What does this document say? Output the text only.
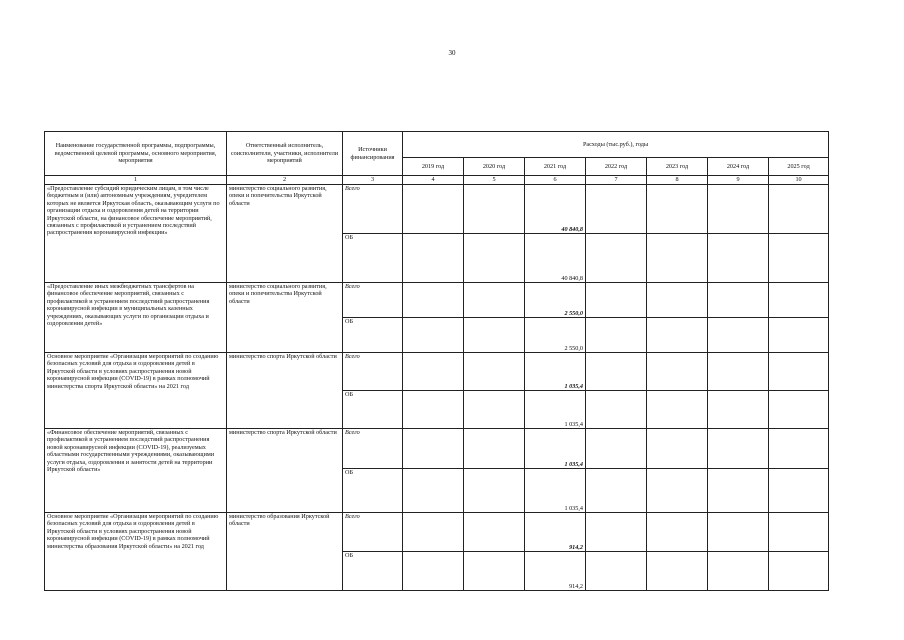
30
Наименование государственной программы, подпрограммы, ведомственной целевой программы, основного мероприятия, мероприятия	Ответственный исполнитель, соисполнители, участники, исполнители мероприятий	Источники финансирования	Расходы (тыс.руб.), годы						
			2019 год	2020 год	2021 год	2022 год	2023 год	2024 год	2025 год
1	2	3	4	5	6	7	8	9	10
«Предоставление субсидий юридическим лицам, в том числе бюджетным и (или) автономным учреждениям, учредителем которых не является Иркутская область, оказывающим услуги по организации отдыха и оздоровления детей на территории Иркутской области, на финансовое обеспечение мероприятий, связанных с профилактикой и устранением последствий распространения коронавирусной инфекции»	министерство социального развития, опеки и попечительства Иркутской области	Всего			40 840,8				
		ОБ			40 840,8				
«Предоставление иных межбюджетных трансфертов на финансовое обеспечение мероприятий, связанных с профилактикой и устранением последствий распространения коронавирусной инфекции в муниципальных казенных учреждениях, оказывающих услуги по организации отдыха и оздоровления детей»	министерство социального развития, опеки и попечительства Иркутской области	Всего			2 550,0				
		ОБ			2 550,0				
Основное мероприятие «Организация мероприятий по созданию безопасных условий для отдыха и оздоровления детей в Иркутской области в условиях распространения новой коронавирусной инфекции (COVID-19) в рамках полномочий министерства спорта Иркутской области» на 2021 год	министерство спорта Иркутской области	Всего			1 035,4				
		ОБ			1 035,4				
«Финансовое обеспечение мероприятий, связанных с профилактикой и устранением последствий распространения новой коронавирусной инфекции (COVID-19), реализуемых областными государственными учреждениями, оказывающими услуги отдыха, оздоровления и занятости детей на территории Иркутской области»	министерство спорта Иркутской области	Всего			1 035,4				
		ОБ			1 035,4				
Основное мероприятие «Организация мероприятий по созданию безопасных условий для отдыха и оздоровления детей в Иркутской области в условиях распространения новой коронавирусной инфекции (COVID-19) в рамках полномочий министерства образования Иркутской области» на 2021 год	министерство образования Иркутской области	Всего			914,2				
		ОБ			914,2				
